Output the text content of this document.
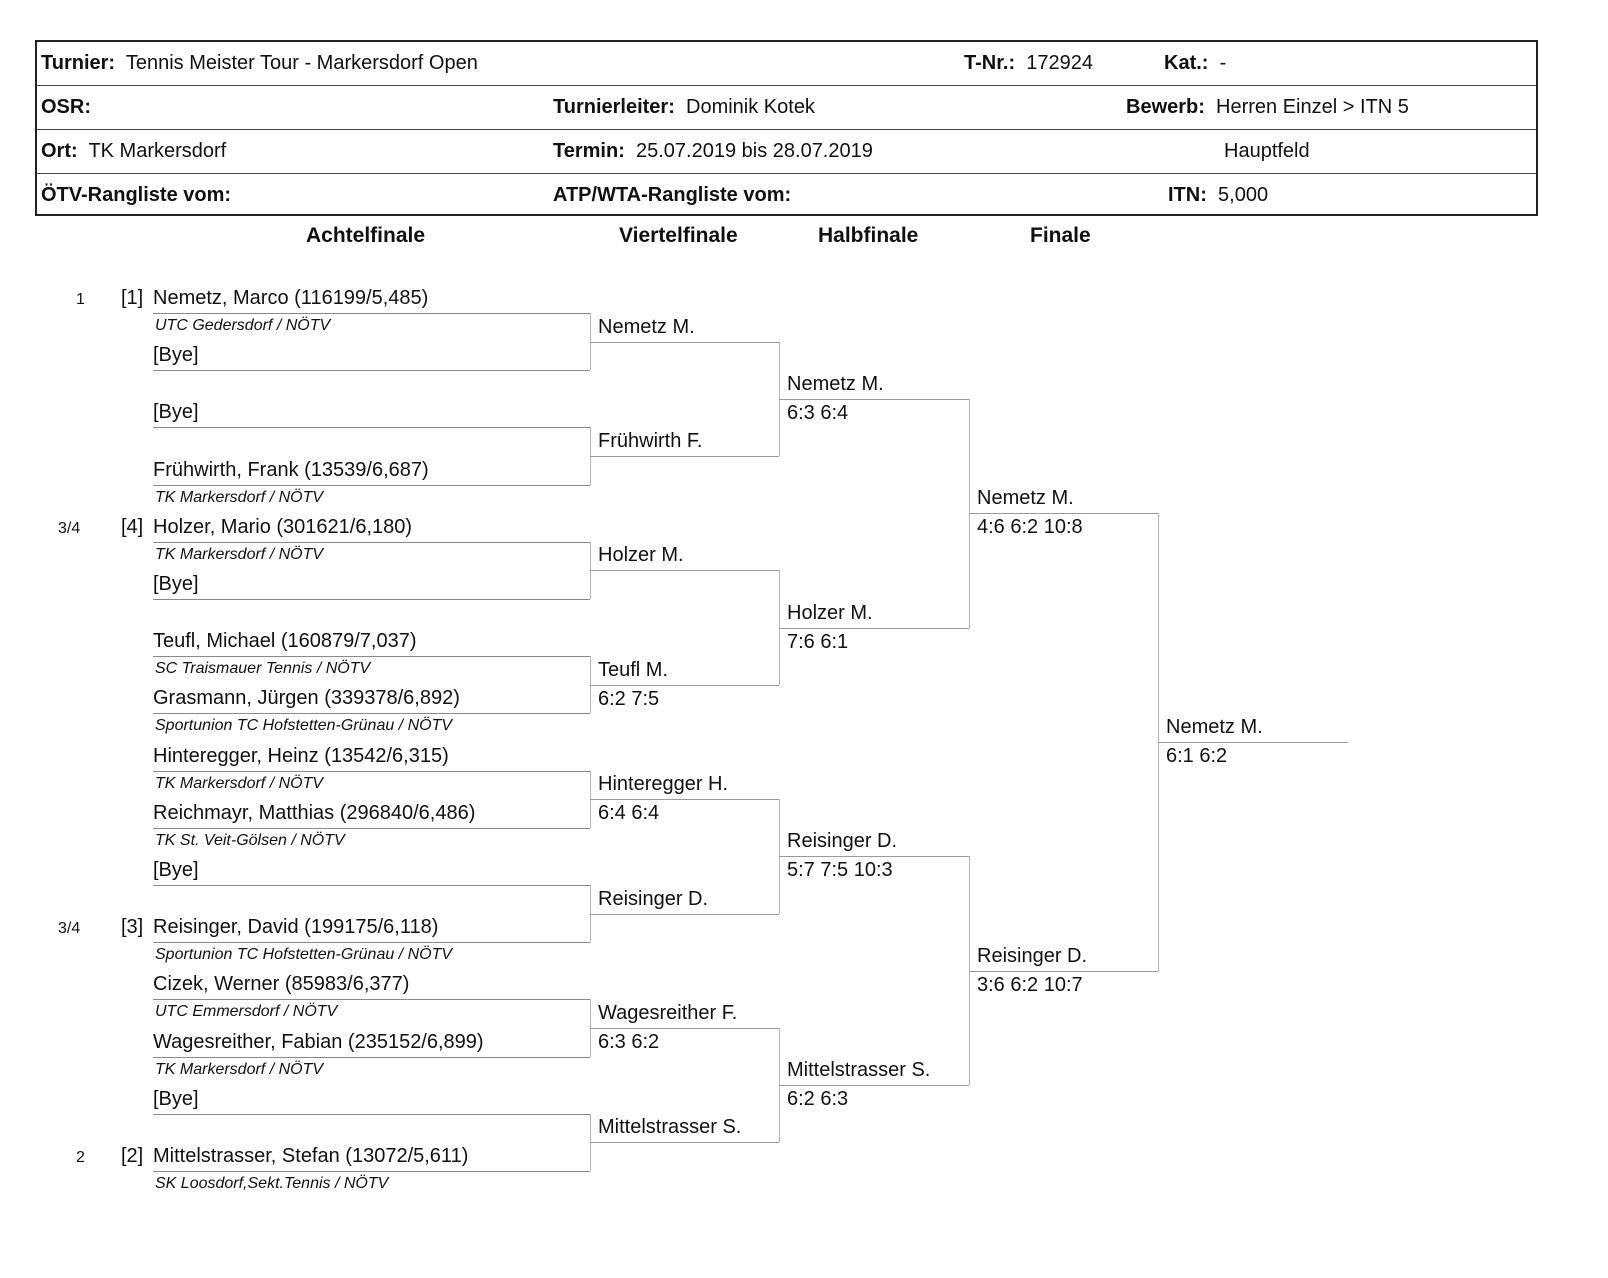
Turnier: Tennis Meister Tour - Markersdorf Open	T-Nr.: 172924	Kat.: -
OSR:	Turnierleiter: Dominik Kotek	Bewerb: Herren Einzel > ITN 5
Ort: TK Markersdorf	Termin: 25.07.2019 bis 28.07.2019	Hauptfeld
ÖTV-Rangliste vom:	ATP/WTA-Rangliste vom:	ITN: 5,000
Achtelfinale	Viertelfinale	Halbfinale	Finale
1 [1] Nemetz, Marco (116199/5,485)
UTC Gedersdorf / NÖTV
[Bye]
[Bye]
Frühwirth, Frank (13539/6,687)
TK Markersdorf / NÖTV
3/4 [4] Holzer, Mario (301621/6,180)
TK Markersdorf / NÖTV
[Bye]
Teufl, Michael (160879/7,037)
SC Traismauer Tennis / NÖTV
Grasmann, Jürgen (339378/6,892)
Sportunion TC Hofstetten-Grünau / NÖTV
Hinteregger, Heinz (13542/6,315)
TK Markersdorf / NÖTV
Reichmayr, Matthias (296840/6,486)
TK St. Veit-Gölsen / NÖTV
[Bye]
3/4 [3] Reisinger, David (199175/6,118)
Sportunion TC Hofstetten-Grünau / NÖTV
Cizek, Werner (85983/6,377)
UTC Emmersdorf / NÖTV
Wagesreither, Fabian (235152/6,899)
TK Markersdorf / NÖTV
[Bye]
2 [2] Mittelstrasser, Stefan (13072/5,611)
SK Loosdorf,Sekt.Tennis / NÖTV
Nemetz M.
Frühwirth F.
Holzer M.
Teufl M.
6:2 7:5
Hinteregger H.
6:4 6:4
Reisinger D.
Wagesreither F.
6:3 6:2
Mittelstrasser S.
Nemetz M.
6:3 6:4
Holzer M.
7:6 6:1
Reisinger D.
5:7 7:5 10:3
Mittelstrasser S.
6:2 6:3
Nemetz M.
4:6 6:2 10:8
Reisinger D.
3:6 6:2 10:7
Nemetz M.
6:1 6:2
